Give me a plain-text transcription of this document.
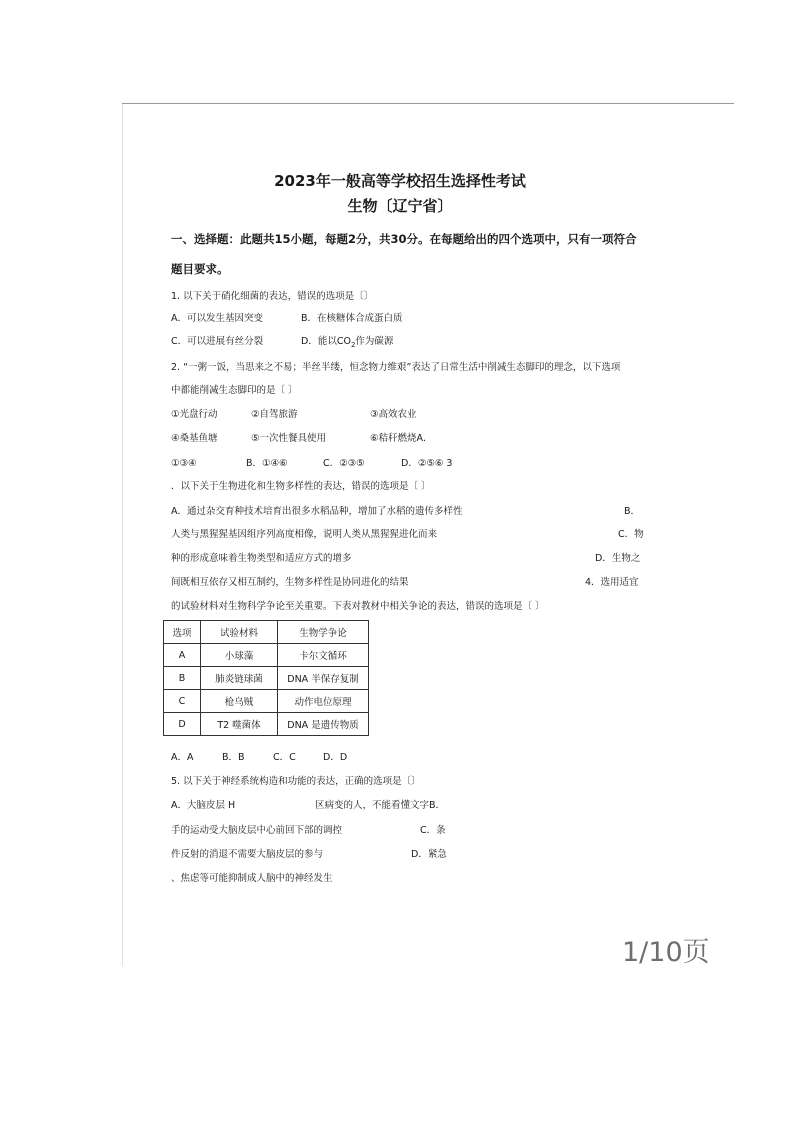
2023年一般高等学校招生选择性考试
生物〔辽宁省〕
一、选择题：此题共15小题，每题2分，共30分。在每题给出的四个选项中，只有一项符合
题目要求。
1. 以下关于硝化细菌的表达，错误的选项是〔〕
A．可以发生基因突变	B．在核糖体合成蛋白质
C．可以进展有丝分裂	D．能以$CO_2$作为碳源
2. “一粥一饭，当思来之不易；半丝半缕，恒念物力维艰”表达了日常生活中削减生态脚印的理念，以下选项
中都能削减生态脚印的是〔 〕
①光盘行动	②自驾旅游	③高效农业
④桑基鱼塘	⑤一次性餐具使用	⑥秸秆燃烧A．
①③④	B．①④⑥	C．②③⑤	D．②⑤⑥ 3
．以下关于生物进化和生物多样性的表达，错误的选项是〔 〕
A．通过杂交育种技术培育出很多水稻品种，增加了水稻的遗传多样性	B．
人类与黑猩猩基因组序列高度相像，说明人类从黑猩猩进化而来	C．物
种的形成意味着生物类型和适应方式的增多	D．生物之
间既相互依存又相互制约，生物多样性是协同进化的结果	4．选用适宜
的试验材料对生物科学争论至关重要。下表对教材中相关争论的表达，错误的选项是〔 〕
选项	试验材料	生物学争论
A	小球藻	卡尔文循环
B	肺炎链球菌	DNA 半保存复制
C	枪乌贼	动作电位原理
D	T2 噬菌体	DNA 是遗传物质
A．A	B．B	C．C	D．D
5. 以下关于神经系统构造和功能的表达，正确的选项是〔〕
A．大脑皮层 H	区病变的人，不能看懂文字B．
手的运动受大脑皮层中心前回下部的调控	C．条
件反射的消退不需要大脑皮层的参与	D．紧急
、焦虑等可能抑制成人脑中的神经发生
1/10页
